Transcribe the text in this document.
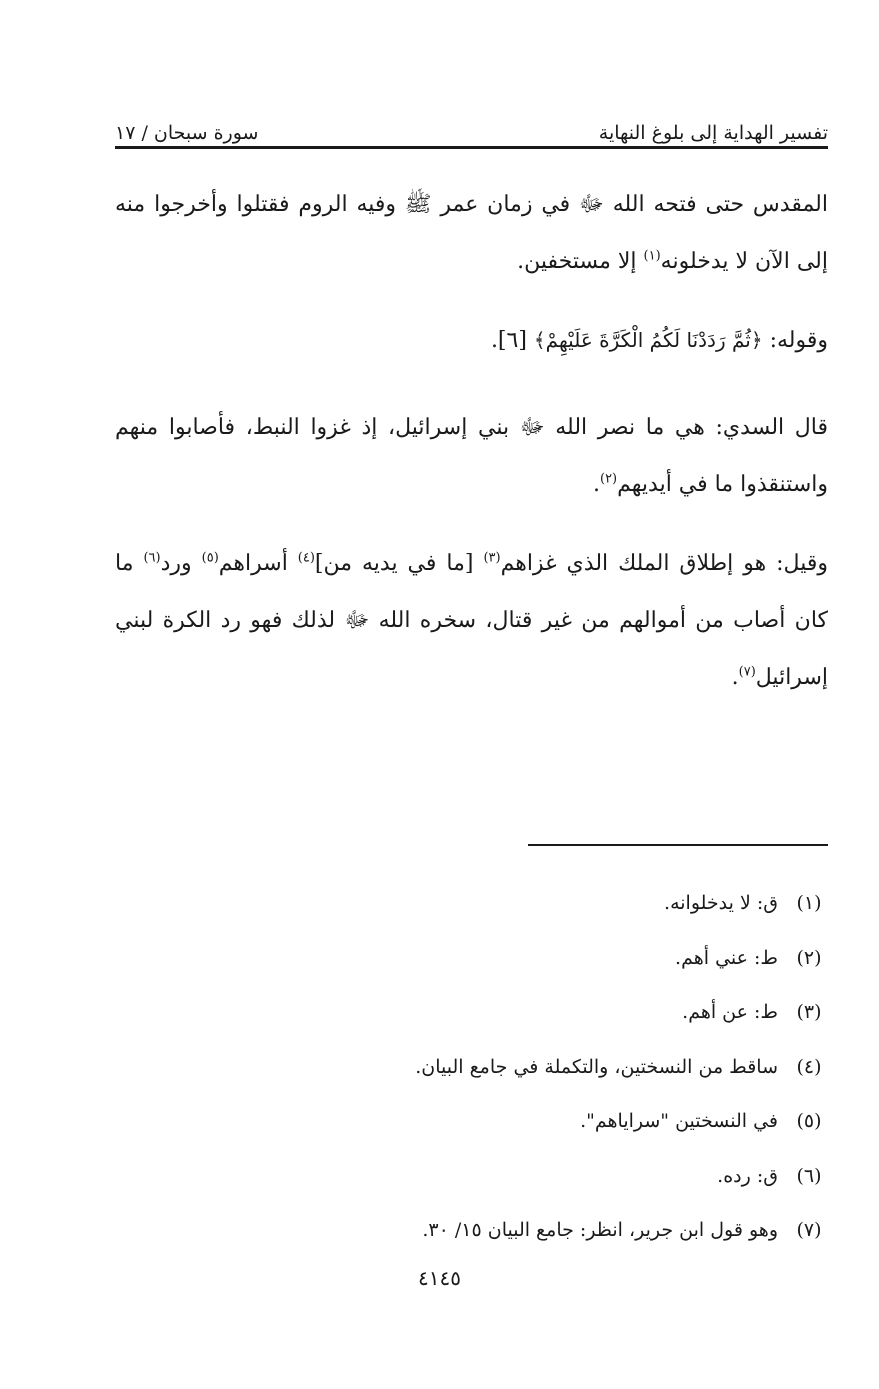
تفسير الهداية إلى بلوغ النهاية
سورة سبحان / ١٧

المقدس حتى فتحه الله ﷻ في زمان عمر ﷺ وفيه الروم فقتلوا وأخرجوا منه إلى الآن لا يدخلونه$^{(١)}$ إلا مستخفين.

وقوله: ﴿ثُمَّ رَدَدْنَا لَكُمُ الْكَرَّةَ عَلَيْهِمْ﴾ [٦].

قال السدي: هي ما نصر الله ﷻ بني إسرائيل، إذ غزوا النبط، فأصابوا منهم واستنقذوا ما في أيديهم$^{(٢)}$.

وقيل: هو إطلاق الملك الذي غزاهم$^{(٣)}$ [ما في يديه من]$^{(٤)}$ أسراهم$^{(٥)}$ ورد$^{(٦)}$ ما كان أصاب من أموالهم من غير قتال، سخره الله ﷻ لذلك فهو رد الكرة لبني إسرائيل$^{(٧)}$.

(١)
ق: لا يدخلوانه.
(٢)
ط: عني أهم.
(٣)
ط: عن أهم.
(٤)
ساقط من النسختين، والتكملة في جامع البيان.
(٥)
في النسختين "سراياهم".
(٦)
ق: رده.
(٧)
وهو قول ابن جرير، انظر: جامع البيان ١٥/ ٣٠.
٤١٤٥
